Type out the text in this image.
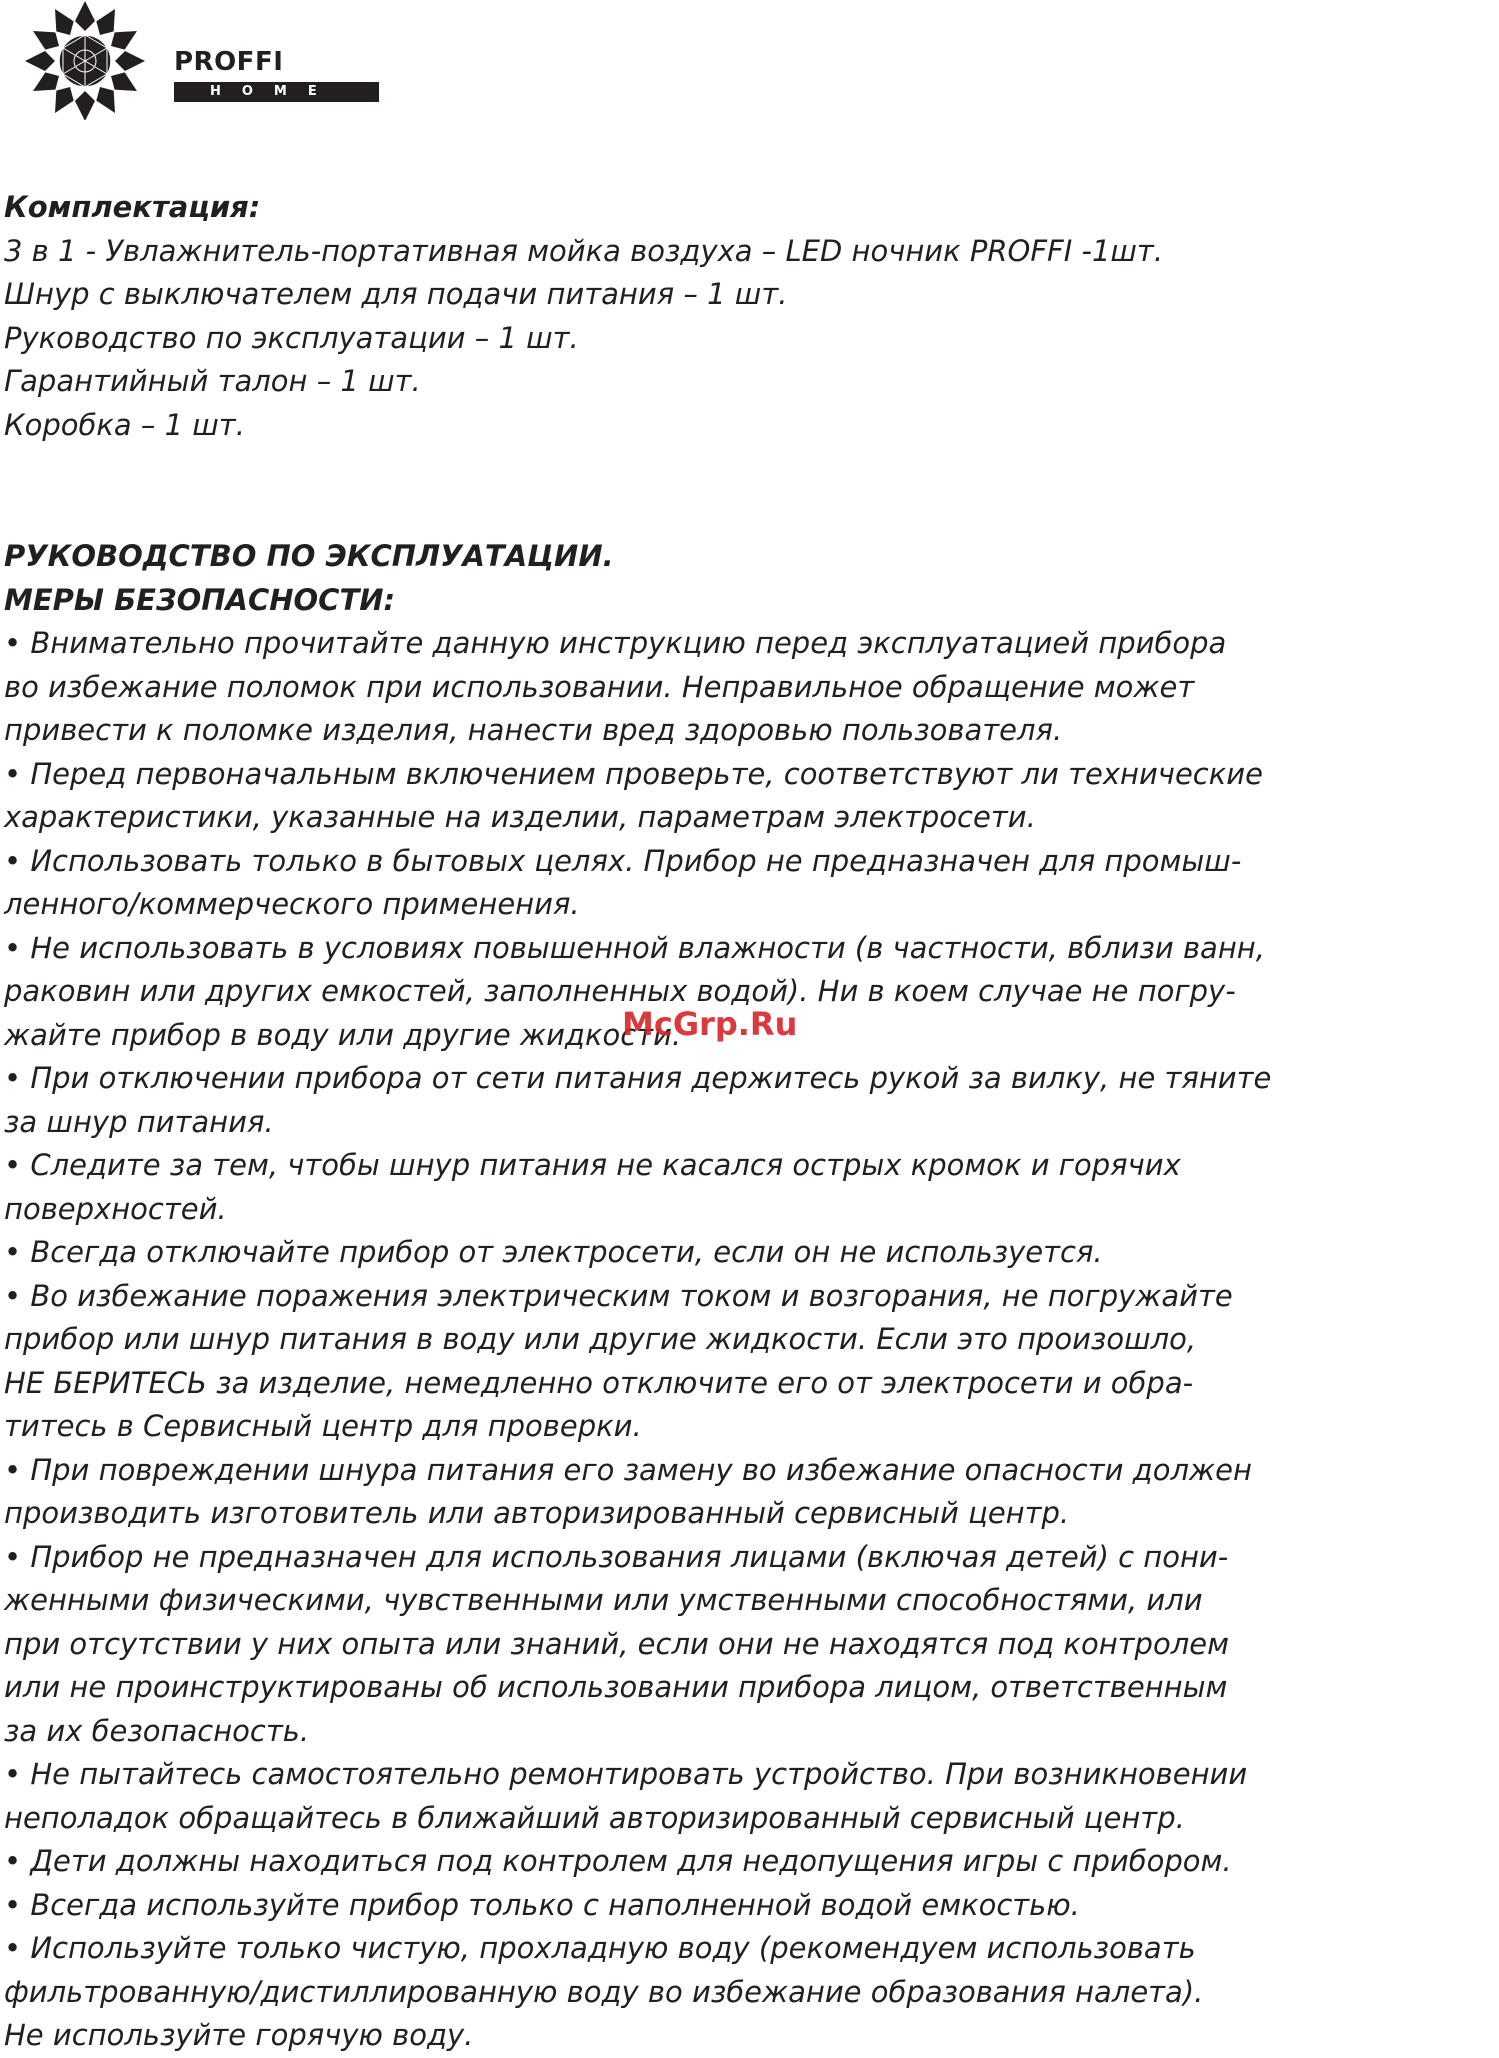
PROFFI
HOME
Комплектация:
3 в 1 - Увлажнитель-портативная мойка воздуха – LED ночник PROFFI -1шт.
Шнур с выключателем для подачи питания – 1 шт.
Руководство по эксплуатации – 1 шт.
Гарантийный талон – 1 шт.
Коробка – 1 шт.
РУКОВОДСТВО ПО ЭКСПЛУАТАЦИИ.
МЕРЫ БЕЗОПАСНОСТИ:
• Внимательно прочитайте данную инструкцию перед эксплуатацией прибора
во избежание поломок при использовании. Неправильное обращение может
привести к поломке изделия, нанести вред здоровью пользователя.
• Перед первоначальным включением проверьте, соответствуют ли технические
характеристики, указанные на изделии, параметрам электросети.
• Использовать только в бытовых целях. Прибор не предназначен для промыш-
ленного/коммерческого применения.
• Не использовать в условиях повышенной влажности (в частности, вблизи ванн,
раковин или других емкостей, заполненных водой). Ни в коем случае не погру-
жайте прибор в воду или другие жидкости.
• При отключении прибора от сети питания держитесь рукой за вилку, не тяните
за шнур питания.
• Следите за тем, чтобы шнур питания не касался острых кромок и горячих
поверхностей.
• Всегда отключайте прибор от электросети, если он не используется.
• Во избежание поражения электрическим током и возгорания, не погружайте
прибор или шнур питания в воду или другие жидкости. Если это произошло,
НЕ БЕРИТЕСЬ за изделие, немедленно отключите его от электросети и обра-
титесь в Сервисный центр для проверки.
• При повреждении шнура питания его замену во избежание опасности должен
производить изготовитель или авторизированный сервисный центр.
• Прибор не предназначен для использования лицами (включая детей) с пони-
женными физическими, чувственными или умственными способностями, или
при отсутствии у них опыта или знаний, если они не находятся под контролем
или не проинструктированы об использовании прибора лицом, ответственным
за их безопасность.
• Не пытайтесь самостоятельно ремонтировать устройство. При возникновении
неполадок обращайтесь в ближайший авторизированный сервисный центр.
• Дети должны находиться под контролем для недопущения игры с прибором.
• Всегда используйте прибор только с наполненной водой емкостью.
• Используйте только чистую, прохладную воду (рекомендуем использовать
фильтрованную/дистиллированную воду во избежание образования налета).
Не используйте горячую воду.
McGrp.Ru
